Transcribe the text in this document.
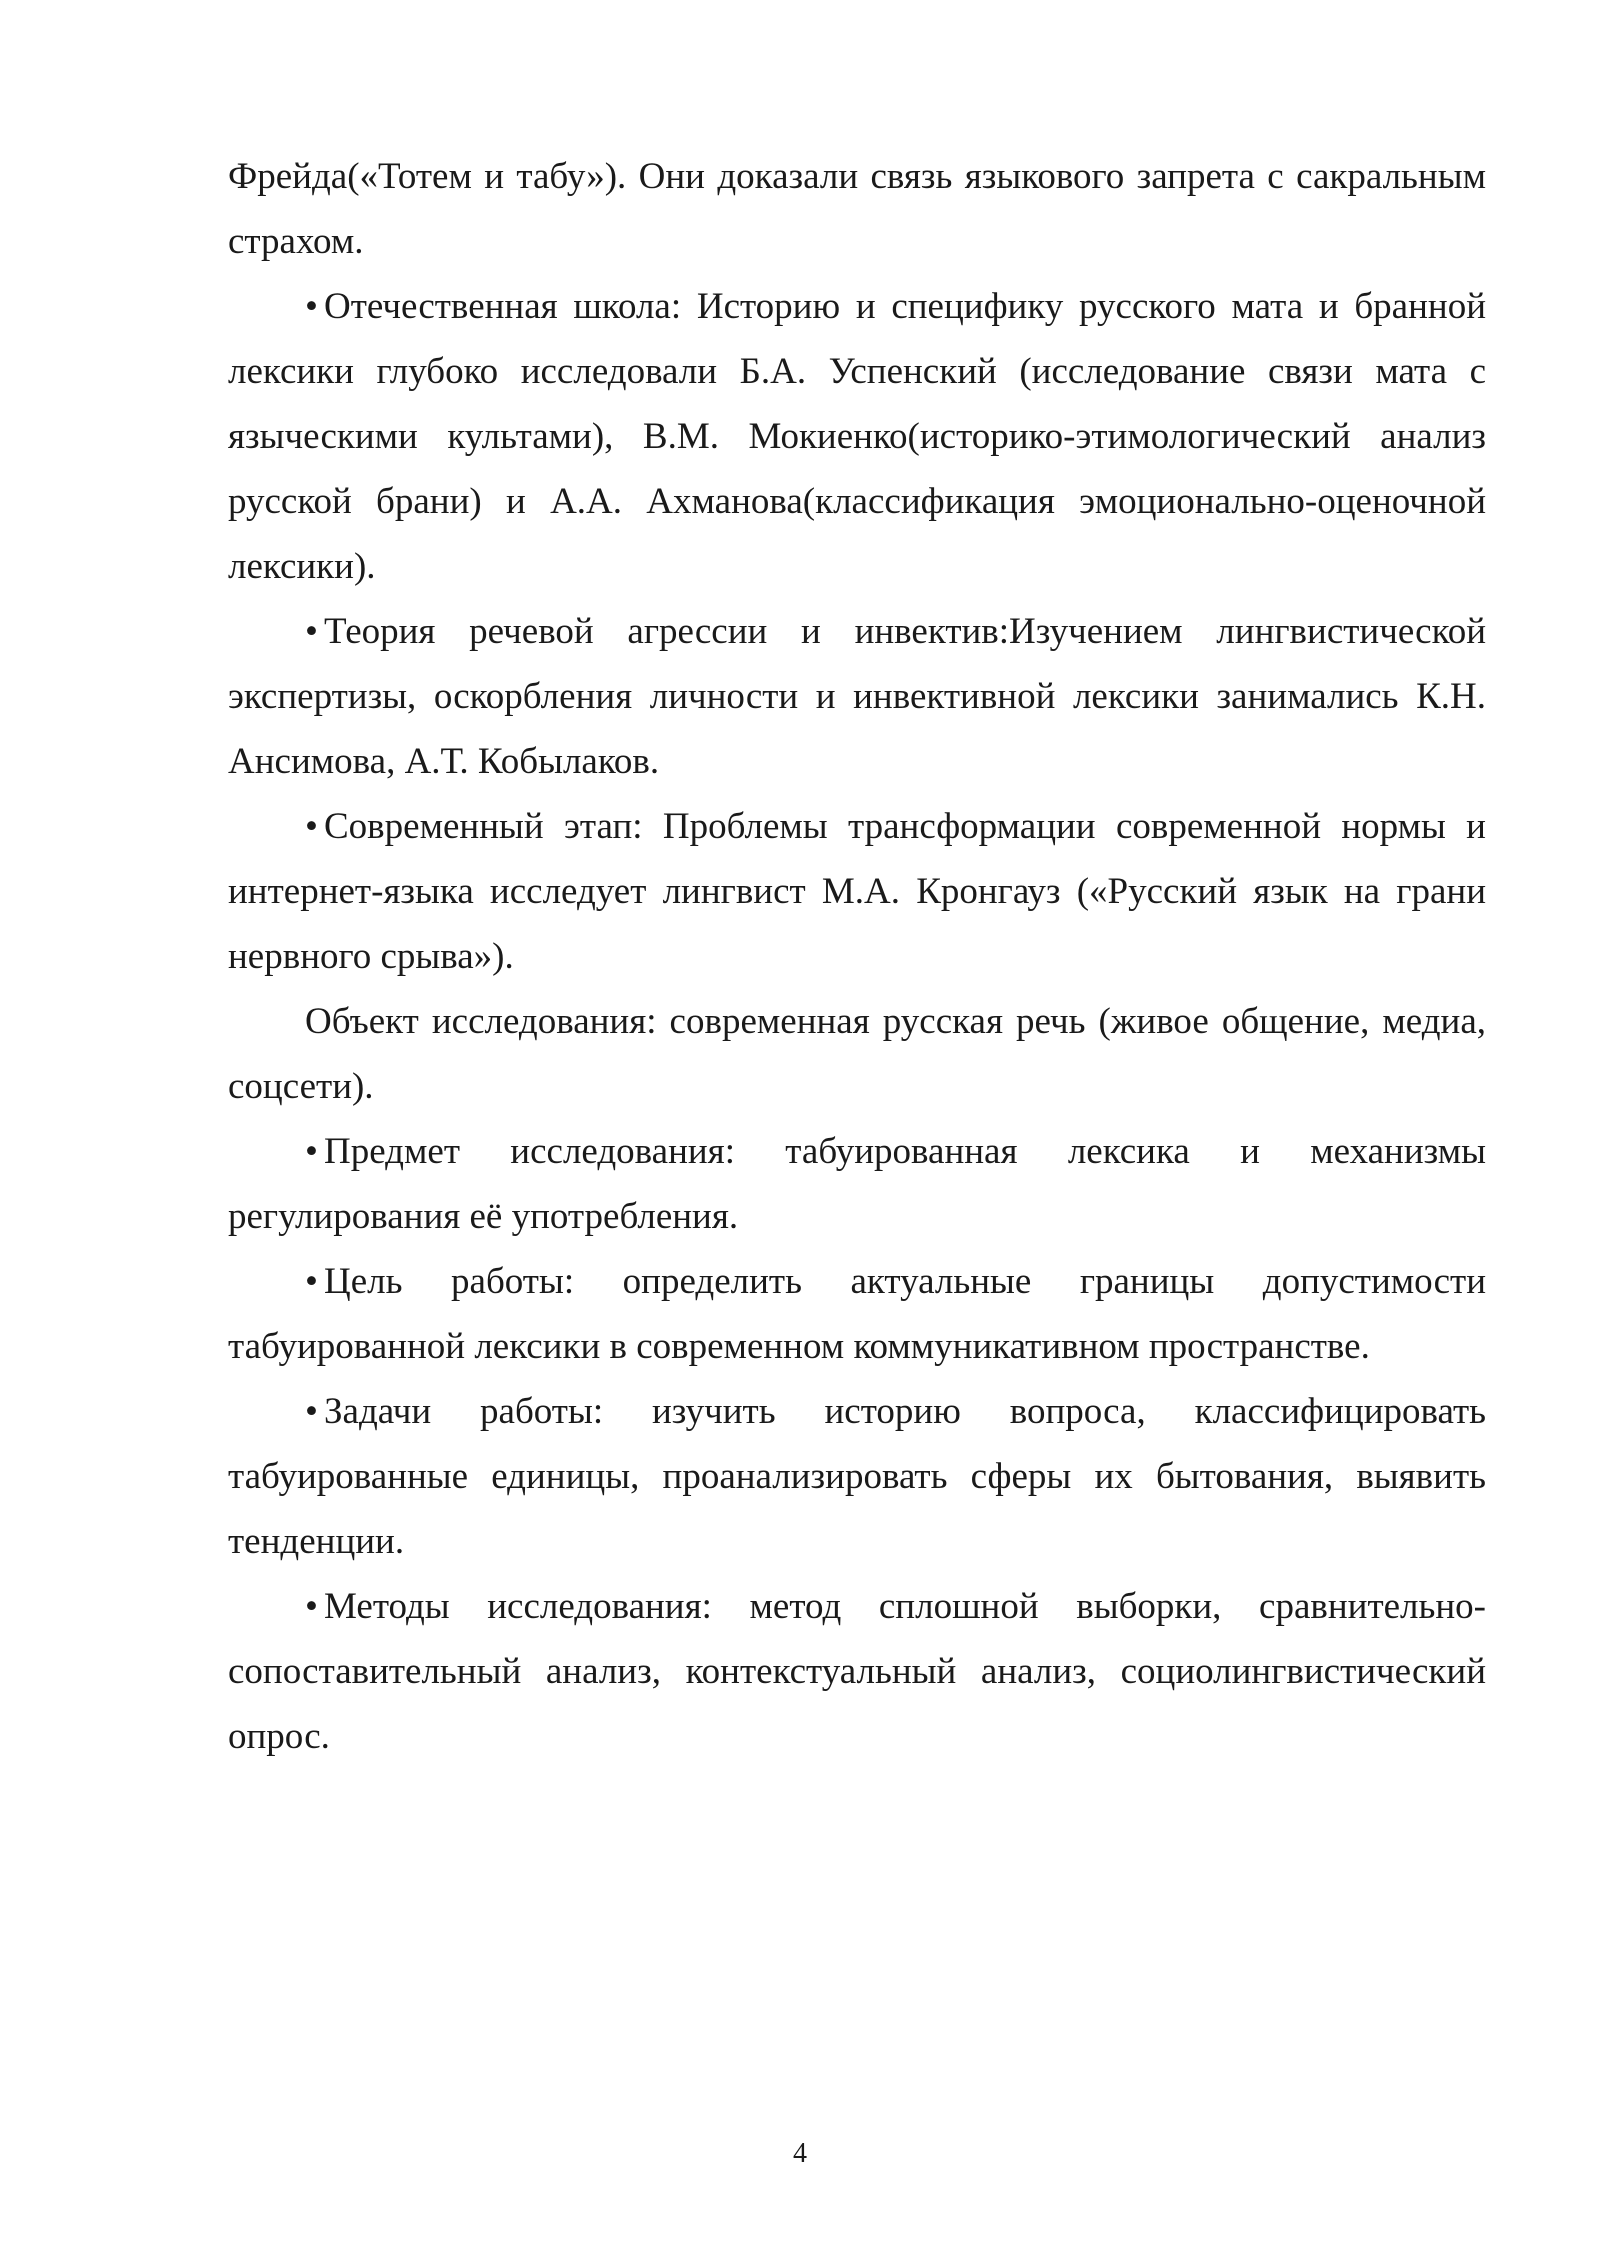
Фрейда(«Тотем и табу»). Они доказали связь языкового запрета с сакральным страхом.

• Отечественная школа: Историю и специфику русского мата и бранной лексики глубоко исследовали Б.А. Успенский (исследование связи мата с языческими культами), В.М. Мокиенко(историко-этимологический анализ русской брани) и А.А. Ахманова(классификация эмоционально-оценочной лексики).

• Теория речевой агрессии и инвектив:Изучением лингвистической экспертизы, оскорбления личности и инвективной лексики занимались К.Н. Ансимова, А.Т. Кобылаков.

• Современный этап: Проблемы трансформации современной нормы и интернет-языка исследует лингвист М.А. Кронгауз («Русский язык на грани нервного срыва»).

Объект исследования: современная русская речь (живое общение, медиа, соцсети).

• Предмет исследования: табуированная лексика и механизмы регулирования её употребления.

• Цель работы: определить актуальные границы допустимости табуированной лексики в современном коммуникативном пространстве.

• Задачи работы: изучить историю вопроса, классифицировать табуированные единицы, проанализировать сферы их бытования, выявить тенденции.

• Методы исследования: метод сплошной выборки, сравнительно-сопоставительный анализ, контекстуальный анализ, социолингвистический опрос.

4
